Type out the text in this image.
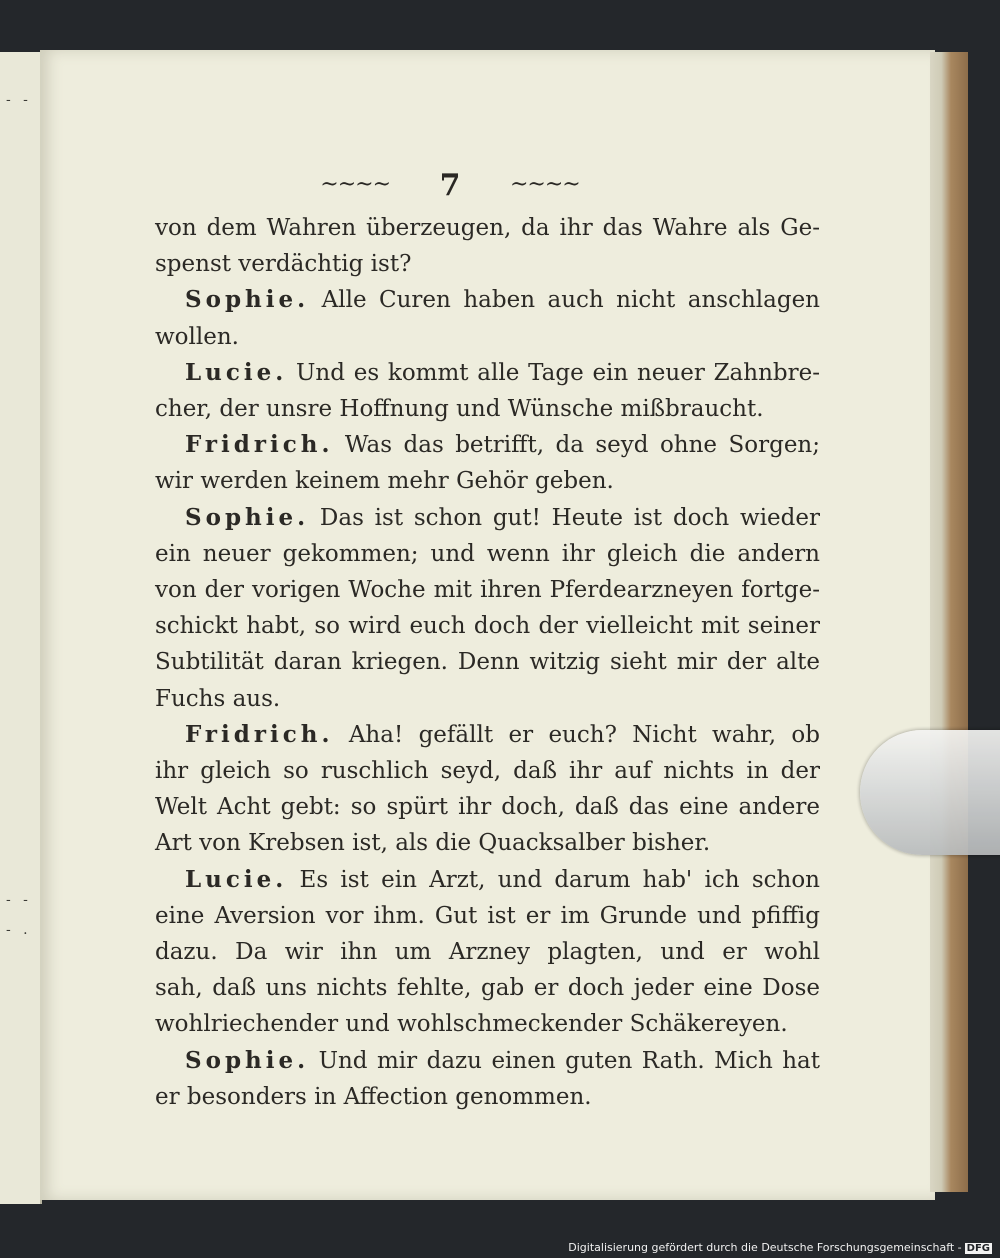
- -
- -
- .
~~~~ 7 ~~~~
von dem Wahren überzeugen, da ihr das Wahre als Ge-
spenst verdächtig ist?
Sophie. Alle Curen haben auch nicht anschlagen
wollen.
Lucie. Und es kommt alle Tage ein neuer Zahnbre-
cher, der unsre Hoffnung und Wünsche mißbraucht.
Fridrich. Was das betrifft, da seyd ohne Sorgen;
wir werden keinem mehr Gehör geben.
Sophie. Das ist schon gut! Heute ist doch wieder
ein neuer gekommen; und wenn ihr gleich die andern
von der vorigen Woche mit ihren Pferdearzneyen fortge-
schickt habt, so wird euch doch der vielleicht mit seiner
Subtilität daran kriegen. Denn witzig sieht mir der alte
Fuchs aus.
Fridrich. Aha! gefällt er euch? Nicht wahr, ob
ihr gleich so ruschlich seyd, daß ihr auf nichts in der
Welt Acht gebt: so spürt ihr doch, daß das eine andere
Art von Krebsen ist, als die Quacksalber bisher.
Lucie. Es ist ein Arzt, und darum hab' ich schon
eine Aversion vor ihm. Gut ist er im Grunde und pfiffig
dazu. Da wir ihn um Arzney plagten, und er wohl
sah, daß uns nichts fehlte, gab er doch jeder eine Dose
wohlriechender und wohlschmeckender Schäkereyen.
Sophie. Und mir dazu einen guten Rath. Mich hat
er besonders in Affection genommen.
Digitalisierung gefördert durch die Deutsche Forschungsgemeinschaft - DFG
